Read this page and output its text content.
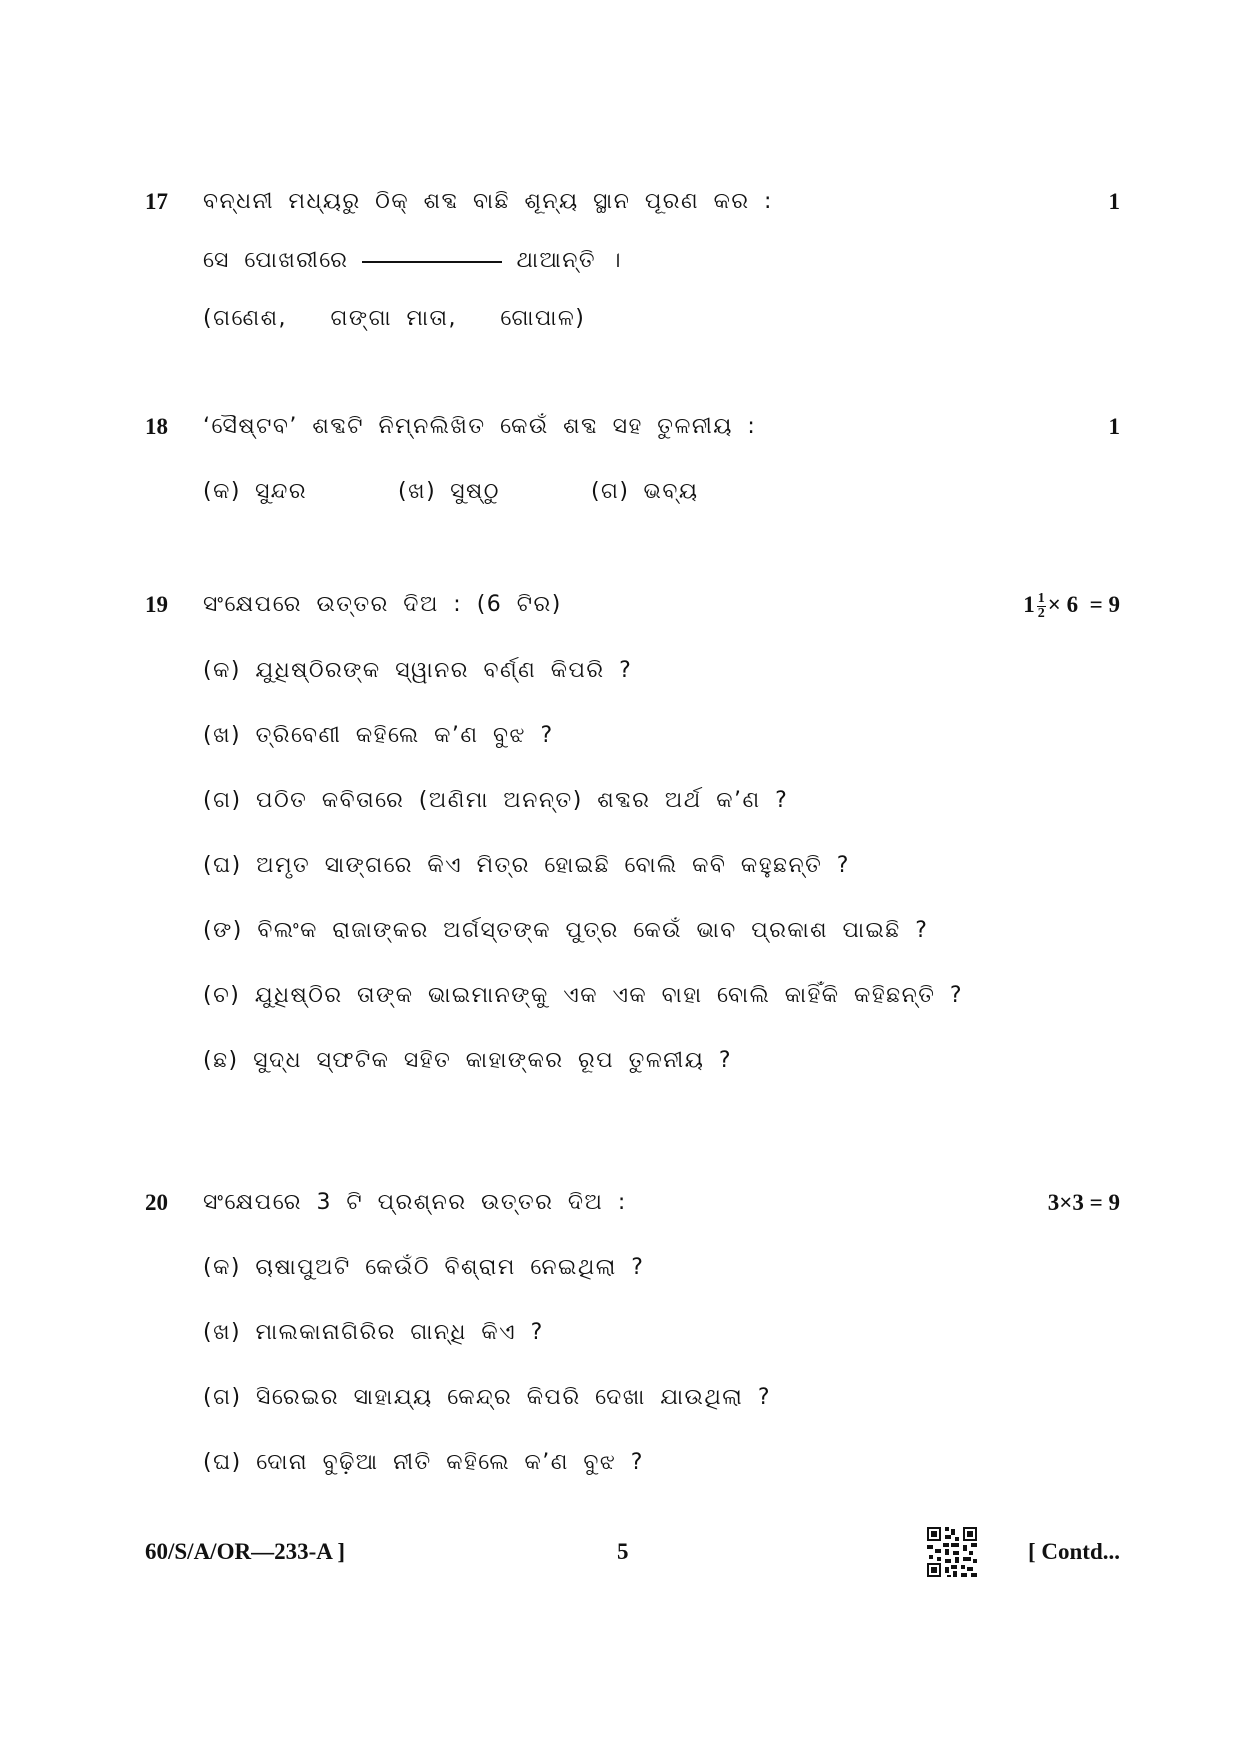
17	1
ବନ୍ଧନୀ ମଧ୍ୟରୁ ଠିକ୍ ଶବ୍ଦ ବାଛି ଶୂନ୍ୟ ସ୍ଥାନ ପୂରଣ କର :
ସେ ପୋଖରୀରେ	ଥାଆନ୍ତି ।
(ଗଣେଶ,   ଗଙ୍ଗା ମାତା,   ଗୋପାଳ)
18	1
‘ସୈଷ୍ଟବ’ ଶବ୍ଦଟି ନିମ୍ନଲିଖିତ କେଉଁ ଶବ୍ଦ ସହ ତୁଳନୀୟ :
(କ) ସୁନ୍ଦର	(ଖ) ସୁଷ୍ଠୁ	(ଗ) ଭବ୍ୟ
19	$1 \frac{1}{2} \times 6 = 9$
ସଂକ୍ଷେପରେ ଉତ୍ତର ଦିଅ : (6 ଟିର)
(କ) ଯୁଧିଷ୍ଠିରଙ୍କ ସ୍ୱାନର ବର୍ଣ୍ଣ କିପରି ?
(ଖ) ତ୍ରିବେଣୀ କହିଲେ କ’ଣ ବୁଝ ?
(ଗ) ପଠିତ କବିତାରେ (ଅଣିମା ଅନନ୍ତ) ଶବ୍ଦର ଅର୍ଥ କ’ଣ ?
(ଘ) ଅମୃତ ସାଙ୍ଗରେ କିଏ ମିତ୍ର ହୋଇଛି ବୋଲି କବି କହୁଛନ୍ତି ?
(ଙ) ବିଲଂକ ରାଜାଙ୍କର ଅର୍ଗସ୍ତଙ୍କ ପୁତ୍ର କେଉଁ ଭାବ ପ୍ରକାଶ ପାଇଛି ?
(ଚ) ଯୁଧିଷ୍ଠିର ତାଙ୍କ ଭାଇମାନଙ୍କୁ ଏକ ଏକ ବାହା ବୋଲି କାହିଁକି କହିଛନ୍ତି ?
(ଛ) ସୁଦ୍ଧ ସ୍ଫଟିକ ସହିତ କାହାଙ୍କର ରୂପ ତୁଳନୀୟ ?
20	3×3 = 9
ସଂକ୍ଷେପରେ 3 ଟି ପ୍ରଶ୍ନର ଉତ୍ତର ଦିଅ :
(କ) ଚାଷାପୁଅଟି କେଉଁଠି ବିଶ୍ରାମ ନେଇଥିଲା ?
(ଖ) ମାଲକାନାଗିରିର ଗାନ୍ଧି କିଏ ?
(ଗ) ସିରେଇର ସାହାଯ୍ୟ କେନ୍ଦ୍ର କିପରି ଦେଖା ଯାଉଥିଲା ?
(ଘ) ଦୋନା ବୁଢ଼ିଆ ନୀତି କହିଲେ କ’ଣ ବୁଝ ?
60/S/A/OR—233-A ]	5	[ Contd...
